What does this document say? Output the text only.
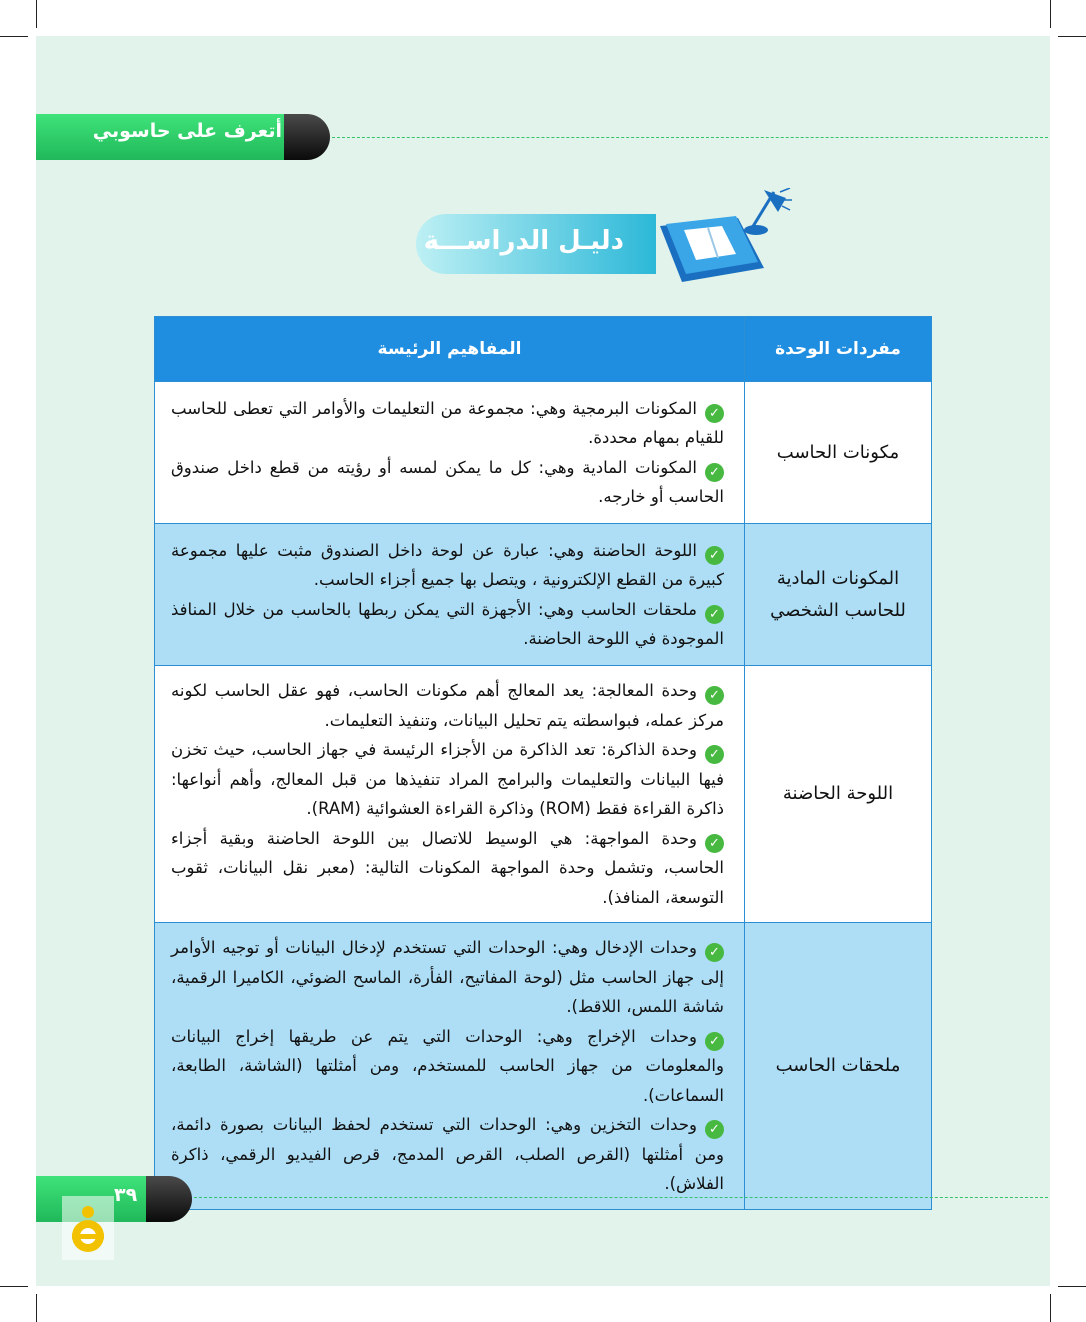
أتعرف على حاسوبي
دليـل الدراســـة
مفردات الوحدة	المفاهيم الرئيسة
مكونات الحاسب	✓المكونات البرمجية وهي: مجموعة من التعليمات والأوامر التي تعطى للحاسب للقيام بمهام محددة.

✓المكونات المادية وهي: كل ما يمكن لمسه أو رؤيته من قطع داخل صندوق الحاسب أو خارجه.

المكونات المادية للحاسب الشخصي	✓اللوحة الحاضنة وهي: عبارة عن لوحة داخل الصندوق مثبت عليها مجموعة كبيرة من القطع الإلكترونية ، ويتصل بها جميع أجزاء الحاسب.

✓ملحقات الحاسب وهي: الأجهزة التي يمكن ربطها بالحاسب من خلال المنافذ الموجودة في اللوحة الحاضنة.

اللوحة الحاضنة	✓وحدة المعالجة: يعد المعالج أهم مكونات الحاسب، فهو عقل الحاسب لكونه مركز عمله، فبواسطته يتم تحليل البيانات، وتنفيذ التعليمات.

✓وحدة الذاكرة: تعد الذاكرة من الأجزاء الرئيسة في جهاز الحاسب، حيث تخزن فيها البيانات والتعليمات والبرامج المراد تنفيذها من قبل المعالج، وأهم أنواعها: ذاكرة القراءة فقط (ROM) وذاكرة القراءة العشوائية (RAM).

✓وحدة المواجهة: هي الوسيط للاتصال بين اللوحة الحاضنة وبقية أجزاء الحاسب، وتشمل وحدة المواجهة المكونات التالية: (معبر نقل البيانات، ثقوب التوسعة، المنافذ).

ملحقات الحاسب	✓وحدات الإدخال وهي: الوحدات التي تستخدم لإدخال البيانات أو توجيه الأوامر إلى جهاز الحاسب مثل (لوحة المفاتيح، الفأرة، الماسح الضوئي، الكاميرا الرقمية، شاشة اللمس، اللاقط).

✓وحدات الإخراج وهي: الوحدات التي يتم عن طريقها إخراج البيانات والمعلومات من جهاز الحاسب للمستخدم، ومن أمثلتها (الشاشة، الطابعة، السماعات).

✓وحدات التخزين وهي: الوحدات التي تستخدم لحفظ البيانات بصورة دائمة، ومن أمثلتها (القرص الصلب، القرص المدمج، قرص الفيديو الرقمي، ذاكرة الفلاش).

٣٩
